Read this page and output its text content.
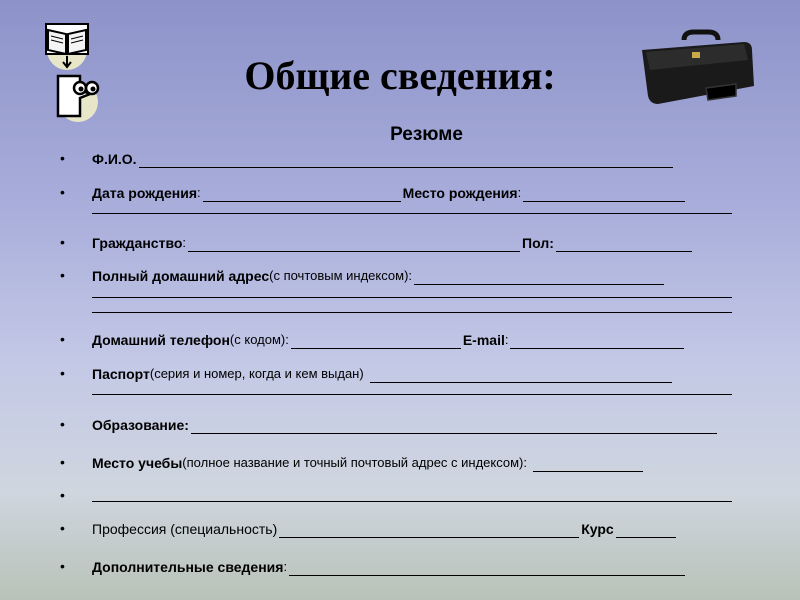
Общие сведения:
Резюме
• Ф.И.О.
• Дата рождения :	Место рождения :
• Гражданство :	Пол:
• Полный домашний адрес (с почтовым индексом):
• Домашний телефон (с кодом):	E-mail :
• Паспорт (серия и номер, когда и кем выдан)
• Образование:
• Место учебы (полное название и точный почтовый адрес с индексом):
•
• Профессия (специальность)	Курс
• Дополнительные сведения :
